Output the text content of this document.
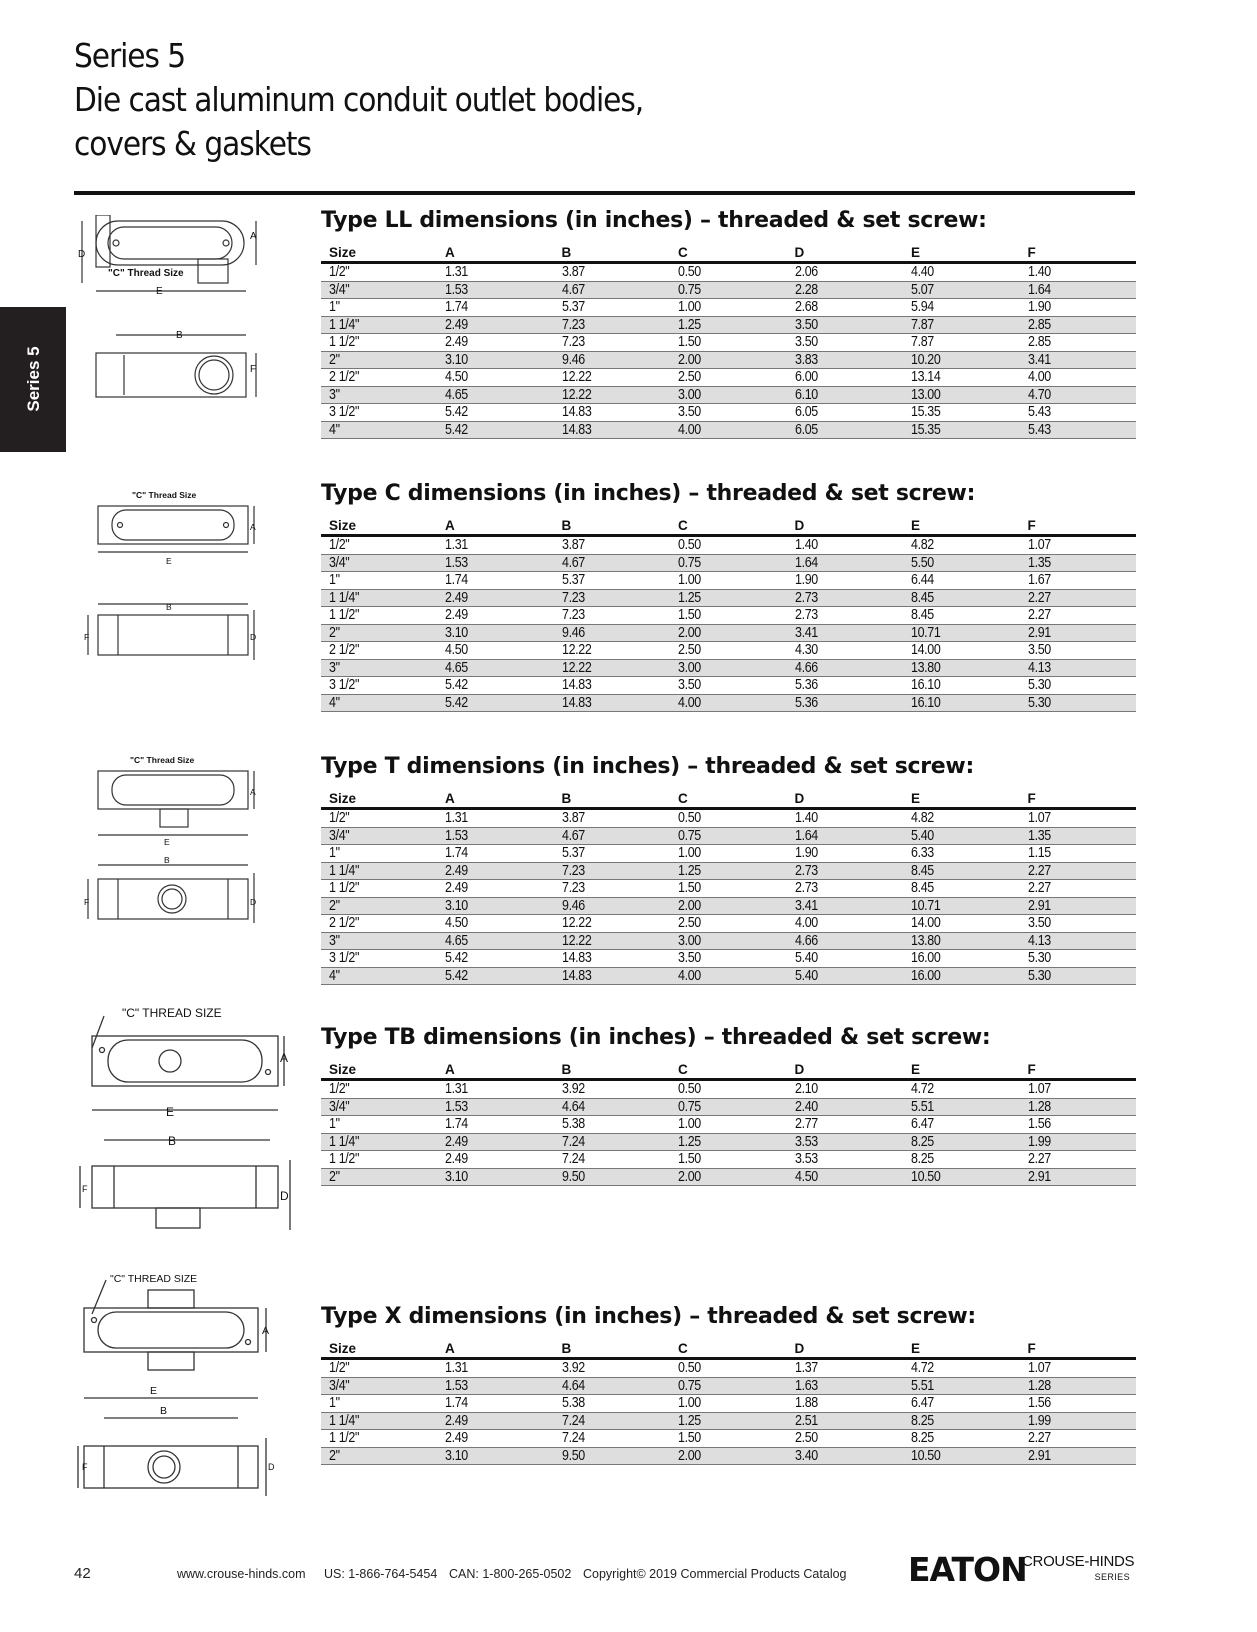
Series 5
Die cast aluminum conduit outlet bodies,
covers & gaskets
Series 5
D
A
"C" Thread Size
E
B
F
"C" Thread Size
A
E
B
F	D
"C" Thread Size
A
E
B
F	D
"C" THREAD SIZE
A
E
B
F	D
"C" THREAD SIZE
A
E
B
F	D
Type LL dimensions (in inches) – threaded & set screw:
Size	A	B	C	D	E	F
1/2"	1.31	3.87	0.50	2.06	4.40	1.40
3/4"	1.53	4.67	0.75	2.28	5.07	1.64
1"	1.74	5.37	1.00	2.68	5.94	1.90
1 1/4"	2.49	7.23	1.25	3.50	7.87	2.85
1 1/2"	2.49	7.23	1.50	3.50	7.87	2.85
2"	3.10	9.46	2.00	3.83	10.20	3.41
2 1/2"	4.50	12.22	2.50	6.00	13.14	4.00
3"	4.65	12.22	3.00	6.10	13.00	4.70
3 1/2"	5.42	14.83	3.50	6.05	15.35	5.43
4"	5.42	14.83	4.00	6.05	15.35	5.43
Type C dimensions (in inches) – threaded & set screw:
Size	A	B	C	D	E	F
1/2"	1.31	3.87	0.50	1.40	4.82	1.07
3/4"	1.53	4.67	0.75	1.64	5.50	1.35
1"	1.74	5.37	1.00	1.90	6.44	1.67
1 1/4"	2.49	7.23	1.25	2.73	8.45	2.27
1 1/2"	2.49	7.23	1.50	2.73	8.45	2.27
2"	3.10	9.46	2.00	3.41	10.71	2.91
2 1/2"	4.50	12.22	2.50	4.30	14.00	3.50
3"	4.65	12.22	3.00	4.66	13.80	4.13
3 1/2"	5.42	14.83	3.50	5.36	16.10	5.30
4"	5.42	14.83	4.00	5.36	16.10	5.30
Type T dimensions (in inches) – threaded & set screw:
Size	A	B	C	D	E	F
1/2"	1.31	3.87	0.50	1.40	4.82	1.07
3/4"	1.53	4.67	0.75	1.64	5.40	1.35
1"	1.74	5.37	1.00	1.90	6.33	1.15
1 1/4"	2.49	7.23	1.25	2.73	8.45	2.27
1 1/2"	2.49	7.23	1.50	2.73	8.45	2.27
2"	3.10	9.46	2.00	3.41	10.71	2.91
2 1/2"	4.50	12.22	2.50	4.00	14.00	3.50
3"	4.65	12.22	3.00	4.66	13.80	4.13
3 1/2"	5.42	14.83	3.50	5.40	16.00	5.30
4"	5.42	14.83	4.00	5.40	16.00	5.30
Type TB dimensions (in inches) – threaded & set screw:
Size	A	B	C	D	E	F
1/2"	1.31	3.92	0.50	2.10	4.72	1.07
3/4"	1.53	4.64	0.75	2.40	5.51	1.28
1"	1.74	5.38	1.00	2.77	6.47	1.56
1 1/4"	2.49	7.24	1.25	3.53	8.25	1.99
1 1/2"	2.49	7.24	1.50	3.53	8.25	2.27
2"	3.10	9.50	2.00	4.50	10.50	2.91
Type X dimensions (in inches) – threaded & set screw:
Size	A	B	C	D	E	F
1/2"	1.31	3.92	0.50	1.37	4.72	1.07
3/4"	1.53	4.64	0.75	1.63	5.51	1.28
1"	1.74	5.38	1.00	1.88	6.47	1.56
1 1/4"	2.49	7.24	1.25	2.51	8.25	1.99
1 1/2"	2.49	7.24	1.50	2.50	8.25	2.27
2"	3.10	9.50	2.00	3.40	10.50	2.91
42	www.crouse-hinds.com US: 1-866-764-5454 CAN: 1-800-265-0502 Copyright© 2019 Commercial Products Catalog EATON
CROUSE-HINDS
SERIES
